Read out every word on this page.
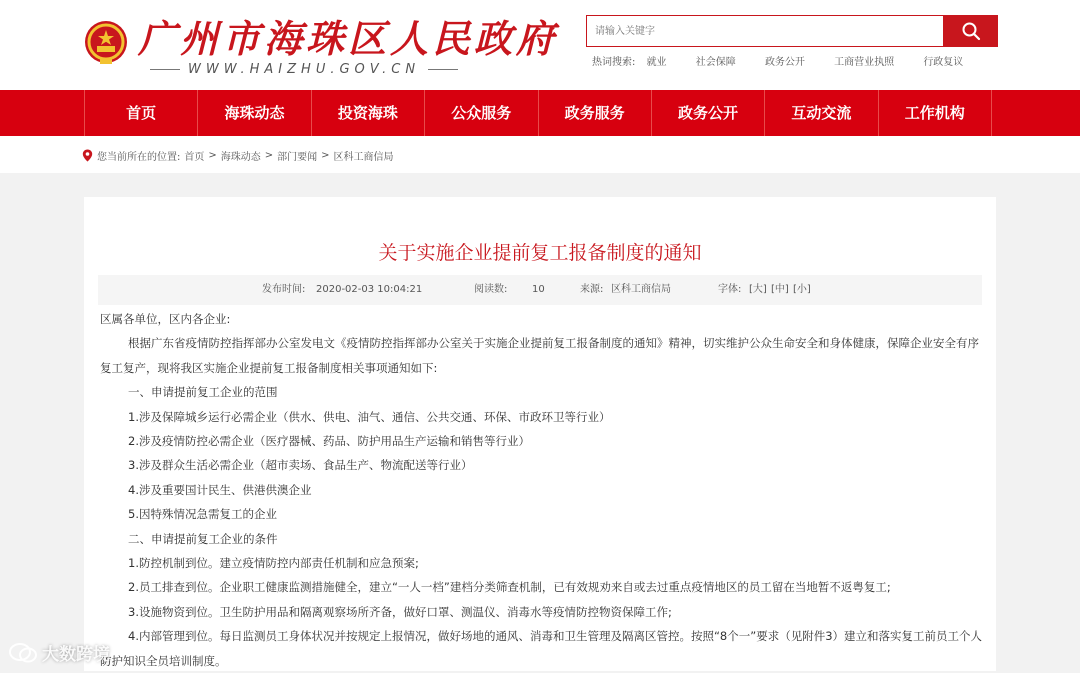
广州市海珠区人民政府
WWW.HAIZHU.GOV.CN
请输入关键字	热词搜索: 就业	社会保障	政务公开	工商营业执照	行政复议
首页	海珠动态	投资海珠	公众服务	政务服务	政务公开	互动交流	工作机构
您当前所在的位置: 首页 > 海珠动态 > 部门要闻 > 区科工商信局
关于实施企业提前复工报备制度的通知
发布时间: 2020-02-03 10:04:21	阅读数: 10	来源: 区科工商信局	字体: [大] [中] [小]

区属各单位，区内各企业:

根据广东省疫情防控指挥部办公室发电文《疫情防控指挥部办公室关于实施企业提前复工报备制度的通知》精神，切实维护公众生命安全和身体健康，保障企业安全有序复工复产，现将我区实施企业提前复工报备制度相关事项通知如下:

一、申请提前复工企业的范围

1.涉及保障城乡运行必需企业（供水、供电、油气、通信、公共交通、环保、市政环卫等行业）

2.涉及疫情防控必需企业（医疗器械、药品、防护用品生产运输和销售等行业）

3.涉及群众生活必需企业（超市卖场、食品生产、物流配送等行业）

4.涉及重要国计民生、供港供澳企业

5.因特殊情况急需复工的企业

二、申请提前复工企业的条件

1.防控机制到位。建立疫情防控内部责任机制和应急预案;

2.员工排查到位。企业职工健康监测措施健全，建立“一人一档”建档分类筛查机制，已有效规劝来自或去过重点疫情地区的员工留在当地暂不返粤复工;

3.设施物资到位。卫生防护用品和隔离观察场所齐备，做好口罩、测温仪、消毒水等疫情防控物资保障工作;

4.内部管理到位。每日监测员工身体状况并按规定上报情况，做好场地的通风、消毒和卫生管理及隔离区管控。按照“8个一”要求（见附件3）建立和落实复工前员工个人防护知识全员培训制度。

大数跨境
